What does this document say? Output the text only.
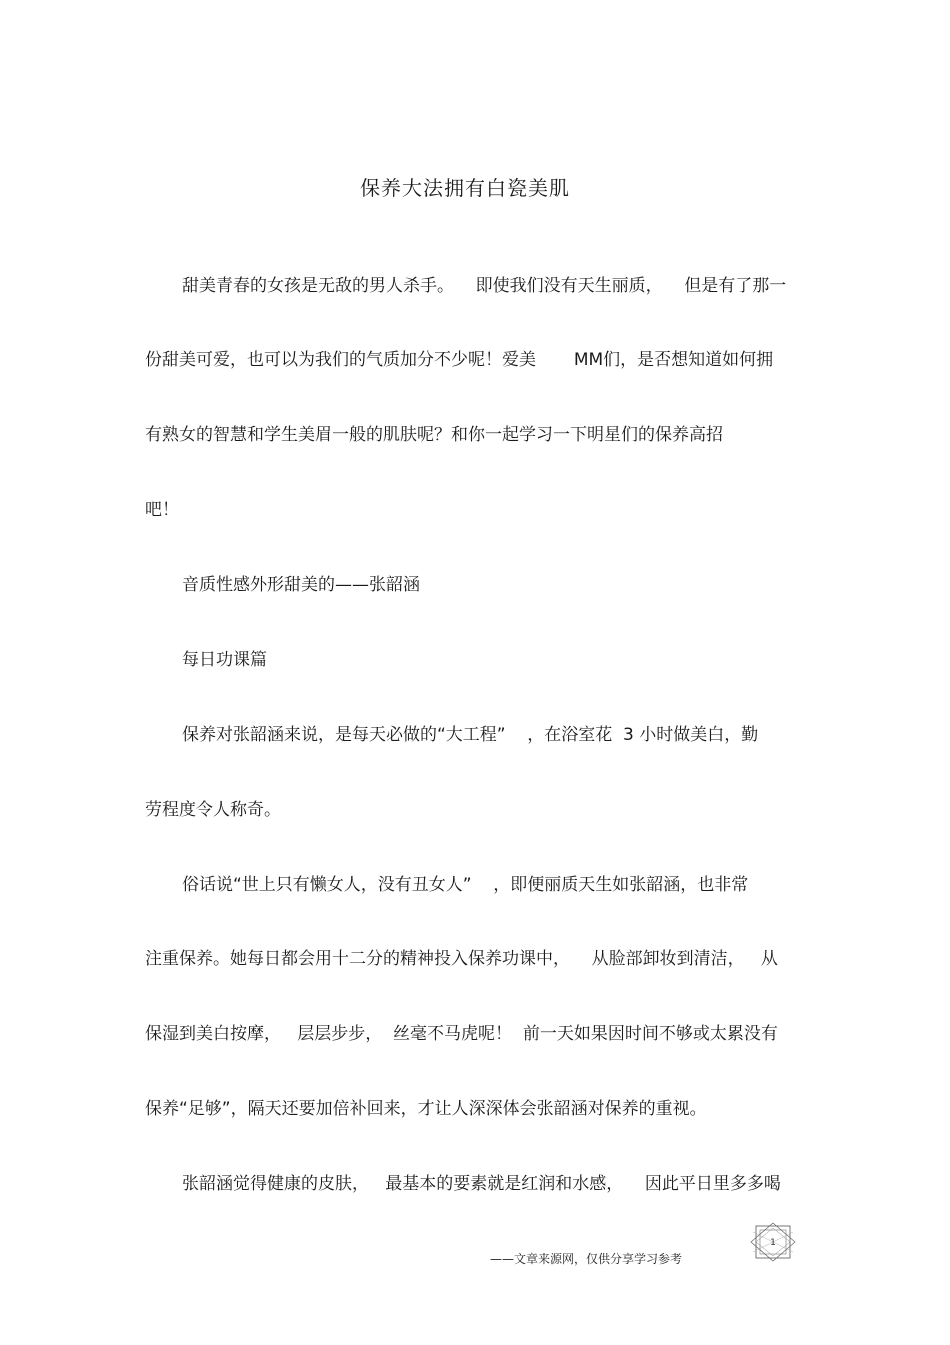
保养大法拥有白瓷美肌
甜美青春的女孩是无敌的男人杀手。    即使我们没有天生丽质，    但是有了那一
份甜美可爱，也可以为我们的气质加分不少呢！爱美       MM们，是否想知道如何拥
有熟女的智慧和学生美眉一般的肌肤呢？和你一起学习一下明星们的保养高招
吧！
音质性感外形甜美的——张韶涵
每日功课篇
保养对张韶涵来说，是每天必做的“大工程”    ，在浴室花  3 小时做美白，勤
劳程度令人称奇。
俗话说“世上只有懒女人，没有丑女人”    ，即便丽质天生如张韶涵，也非常
注重保养。她每日都会用十二分的精神投入保养功课中，    从脸部卸妆到清洁，   从
保湿到美白按摩，   层层步步，  丝毫不马虎呢！  前一天如果因时间不够或太累没有
保养“足够”，隔天还要加倍补回来，才让人深深体会张韶涵对保养的重视。
张韶涵觉得健康的皮肤，   最基本的要素就是红润和水感，    因此平日里多多喝
——文章来源网，仅供分享学习参考
1
